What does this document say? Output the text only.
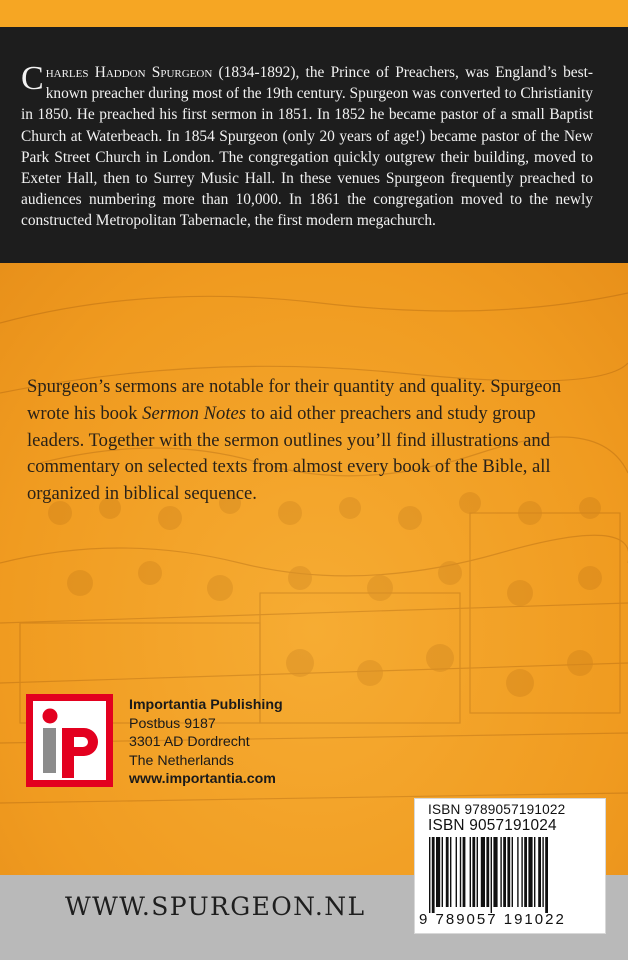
Charles Haddon Spurgeon (1834-1892), the Prince of Preachers, was England’s best-known preacher during most of the 19th century. Spurgeon was converted to Christianity in 1850. He preached his first sermon in 1851. In 1852 he became pastor of a small Baptist Church at Waterbeach. In 1854 Spurgeon (only 20 years of age!) became pastor of the New Park Street Church in London. The congregation quickly outgrew their building, moved to Exeter Hall, then to Surrey Music Hall. In these venues Spurgeon frequently preached to audiences numbering more than 10,000. In 1861 the congregation moved to the newly constructed Metropolitan Tabernacle, the first modern megachurch.
Spurgeon’s sermons are notable for their quantity and quality. Spurgeon wrote his book Sermon Notes to aid other preachers and study group leaders. Together with the sermon outlines you’ll find illustrations and commentary on selected texts from almost every book of the Bible, all organized in biblical sequence.
Importantia Publishing
Postbus 9187
3301 AD Dordrecht
The Netherlands
www.importantia.com
WWW.SPURGEON.NL
ISBN 9789057191022
ISBN 9057191024
9 789057 191022
